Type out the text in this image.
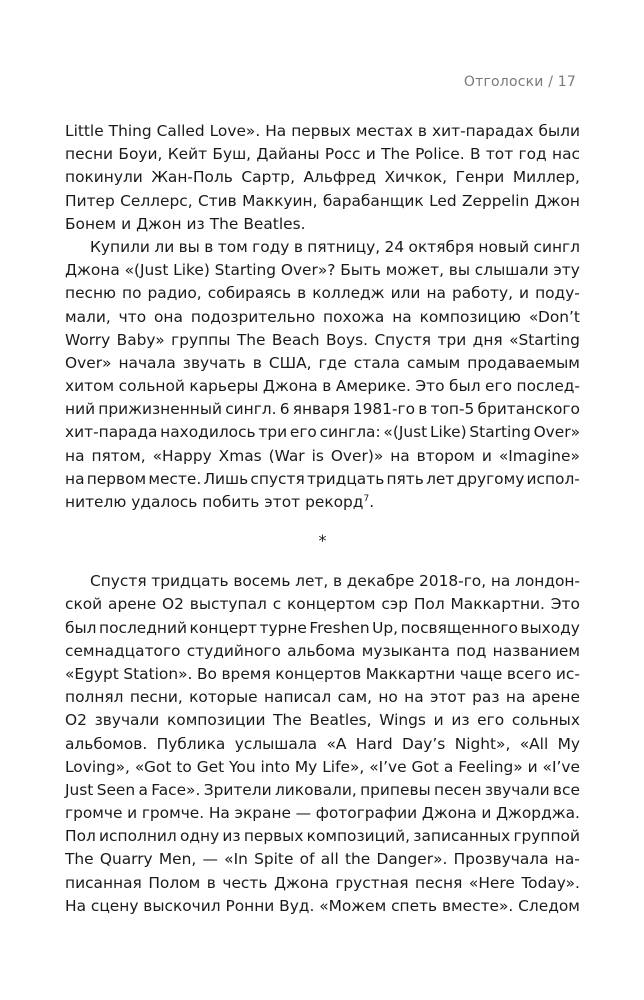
Отголоски / 17
Little Thing Called Love». На первых местах в хит-парадах были
песни Боуи, Кейт Буш, Дайаны Росс и The Police. В тот год нас
покинули Жан-Поль Сартр, Альфред Хичкок, Генри Миллер,
Питер Селлерс, Стив Маккуин, барабанщик Led Zeppelin Джон
Бонем и Джон из The Beatles.
Купили ли вы в том году в пятницу, 24 октября новый сингл
Джона «(Just Like) Starting Over»? Быть может, вы слышали эту
песню по радио, собираясь в колледж или на работу, и поду-
мали, что она подозрительно похожа на композицию «Don’t
Worry Baby» группы The Beach Boys. Спустя три дня «Starting
Over» начала звучать в США, где стала самым продаваемым
хитом сольной карьеры Джона в Америке. Это был его послед-
ний прижизненный сингл. 6 января 1981-го в топ-5 британского
хит-парада находилось три его сингла: «(Just Like) Starting Over»
на пятом, «Happy Xmas (War is Over)» на втором и «Imagine»
на первом месте. Лишь спустя тридцать пять лет другому испол-
нителю удалось побить этот рекорд$^7$.
*
Спустя тридцать восемь лет, в декабре 2018-го, на лондон-
ской арене O2 выступал с концертом сэр Пол Маккартни. Это
был последний концерт турне Freshen Up, посвященного выходу
семнадцатого студийного альбома музыканта под названием
«Egypt Station». Во время концертов Маккартни чаще всего ис-
полнял песни, которые написал сам, но на этот раз на арене
O2 звучали композиции The Beatles, Wings и из его сольных
альбомов. Публика услышала «A Hard Day’s Night», «All My
Loving», «Got to Get You into My Life», «I’ve Got a Feeling» и «I’ve
Just Seen a Face». Зрители ликовали, припевы песен звучали все
громче и громче. На экране — фотографии Джона и Джорджа.
Пол исполнил одну из первых композиций, записанных группой
The Quarry Men, — «In Spite of all the Danger». Прозвучала на-
писанная Полом в честь Джона грустная песня «Here Today».
На сцену выскочил Ронни Вуд. «Можем спеть вместе». Следом
